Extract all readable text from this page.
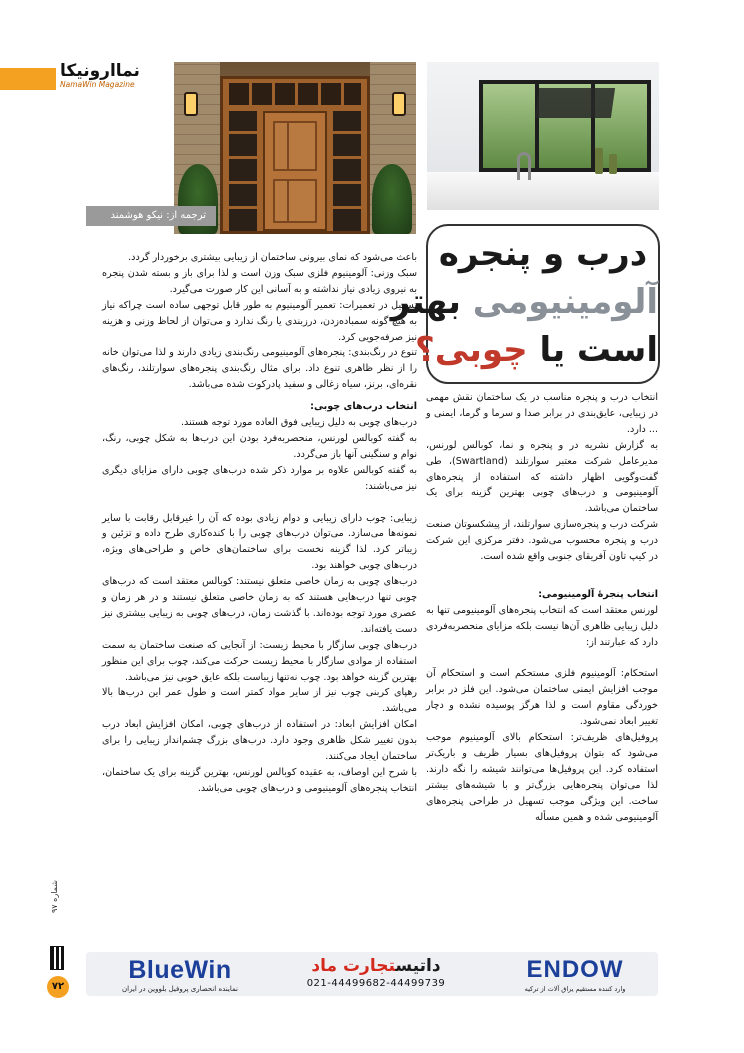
نماارونیکا
NamaWin Magazine
ترجمه از: نیکو هوشمند
درب و پنجره
آلومینیومی بهتر
است یا چوبی؟

باعث می‌شود که نمای بیرونی ساختمان از زیبایی بیشتری برخوردار گردد.

سبک وزنی: آلومینیوم فلزی سبک وزن است و لذا برای باز و بسته شدن پنجره به نیروی زیادی نیاز نداشته و به آسانی این کار صورت می‌گیرد.

تسهیل در تعمیرات: تعمیر آلومینیوم به طور قابل توجهی ساده است چراکه نیاز به هیچ گونه سمباده‌زدن، درزبندی یا رنگ ندارد و می‌توان از لحاظ وزنی و هزینه نیز صرفه‌جویی کرد.

تنوع در رنگ‌بندی: پنجره‌های آلومینیومی رنگ‌بندی زیادی دارند و لذا می‌توان خانه را از نظر ظاهری تنوع داد. برای مثال رنگ‌بندی پنجره‌های سوارتلند، رنگ‌های نقره‌ای، برنز، سیاه زغالی و سفید پادرکوت شده می‌باشد.

انتخاب درب‌های چوبی:

درب‌های چوبی به دلیل زیبایی فوق العاده مورد توجه هستند.

به گفته کوبالس لورنس، منحصربه‌فرد بودن این درب‌ها به شکل چوبی، رنگ، نوام و سنگینی آنها باز می‌گردد.

به گفته کوبالس علاوه بر موارد ذکر شده درب‌های چوبی دارای مزایای دیگری نیز می‌باشند:

زیبایی: چوب دارای زیبایی و دوام زیادی بوده که آن را غیرقابل رقابت با سایر نمونه‌ها می‌سازد. می‌توان درب‌های چوبی را با کنده‌کاری طرح داده و تزئین و زیباتر کرد. لذا گزینه نخست برای ساختمان‌های خاص و طراحی‌های ویژه، درب‌های چوبی خواهند بود.

درب‌های چوبی به زمان خاصی متعلق نیستند: کوبالس معتقد است که درب‌های چوبی تنها درب‌هایی هستند که به زمان خاصی متعلق نیستند و در هر زمان و عصری مورد توجه بوده‌اند. با گذشت زمان، درب‌های چوبی به زیبایی بیشتری نیز دست یافته‌اند.

درب‌های چوبی سازگار با محیط زیست: از آنجایی که صنعت ساختمان به سمت استفاده از موادی سازگار با محیط زیست حرکت می‌کند، چوب برای این منظور بهترین گزینه خواهد بود. چوب نه‌تنها زیباست بلکه عایق خوبی نیز می‌باشد.

رهپای کربنی چوب نیز از سایر مواد کمتر است و طول عمر این درب‌ها بالا می‌باشد.

امکان افزایش ابعاد: در استفاده از درب‌های چوبی، امکان افزایش ابعاد درب بدون تغییر شکل ظاهری وجود دارد. درب‌های بزرگ چشم‌انداز زیبایی را برای ساختمان ایجاد می‌کنند.

با شرح این اوصاف، به عقیده کوبالس لورنس، بهترین گزینه برای یک ساختمان، انتخاب پنجره‌های آلومینیومی و درب‌های چوبی می‌باشد.

انتخاب درب و پنجره مناسب در یک ساختمان نقش مهمی در زیبایی، عایق‌بندی در برابر صدا و سرما و گرما، ایمنی و ... دارد.

به گزارش نشریه در و پنجره و نما، کوبالس لورنس، مدیرعامل شرکت معتبر سوارتلند (Swartland)، طی گفت‌وگویی اظهار داشته که استفاده از پنجره‌های آلومینیومی و درب‌های چوبی بهترین گزینه برای یک ساختمان می‌باشد.

شرکت درب و پنجره‌سازی سوارتلند، از پیشکسوتان صنعت درب و پنجره محسوب می‌شود. دفتر مرکزی این شرکت در کیپ تاون آفریقای جنوبی واقع شده است.

انتخاب پنجرهٔ آلومینیومی:

لورنس معتقد است که انتخاب پنجره‌های آلومینیومی تنها به دلیل زیبایی ظاهری آن‌ها نیست بلکه مزایای منحصربه‌فردی دارد که عبارتند از:

استحکام: آلومینیوم فلزی مستحکم است و استحکام آن موجب افزایش ایمنی ساختمان می‌شود. این فلز در برابر خوردگی مقاوم است و لذا هرگز پوسیده نشده و دچار تغییر ابعاد نمی‌شود.

پروفیل‌های ظریف‌تر: استحکام بالای آلومینیوم موجب می‌شود که بتوان پروفیل‌های بسیار ظریف و باریک‌تر استفاده کرد. این پروفیل‌ها می‌توانند شیشه را نگه دارند. لذا می‌توان پنجره‌هایی بزرگ‌تر و با شیشه‌های بیشتر ساخت. این ویژگی موجب تسهیل در طراحی پنجره‌های آلومینیومی شده و همین مسأله

شماره ۹۷
۷۲
BlueWin
نماینده انحصاری پروفیل بلووین در ایران
داتیستجارت ماد
021-44499682-44499739
ENDOW
وارد کننده مستقیم یراق آلات از ترکیه
